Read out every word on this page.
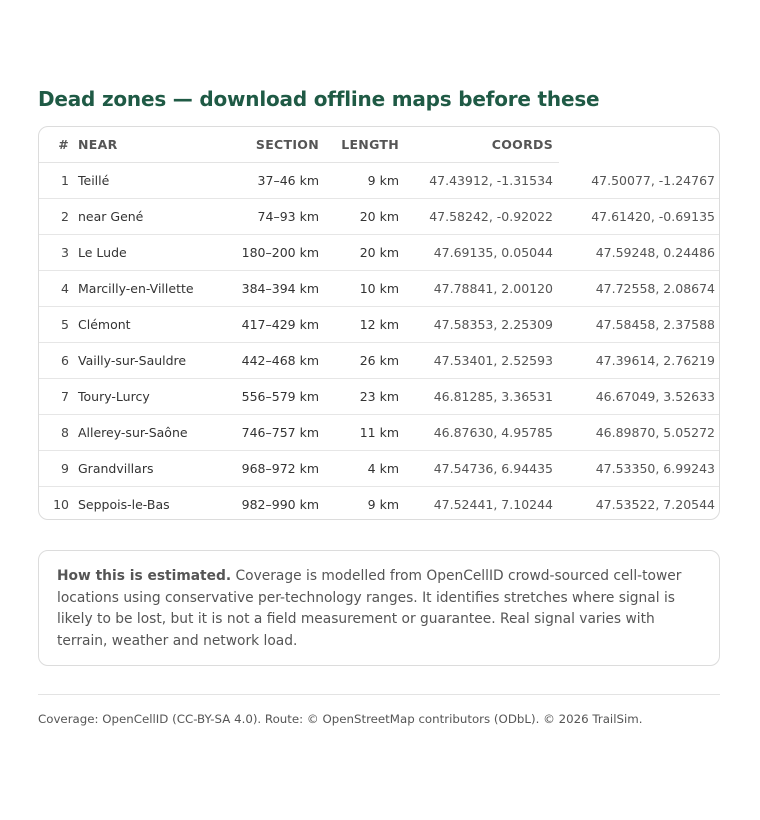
Dead zones — download offline maps before these
#	NEAR	SECTION	LENGTH	COORDS	
1	Teillé	37–46 km	9 km	47.43912, -1.31534	47.50077, -1.24767
2	near Gené	74–93 km	20 km	47.58242, -0.92022	47.61420, -0.69135
3	Le Lude	180–200 km	20 km	47.69135, 0.05044	47.59248, 0.24486
4	Marcilly-en-Villette	384–394 km	10 km	47.78841, 2.00120	47.72558, 2.08674
5	Clémont	417–429 km	12 km	47.58353, 2.25309	47.58458, 2.37588
6	Vailly-sur-Sauldre	442–468 km	26 km	47.53401, 2.52593	47.39614, 2.76219
7	Toury-Lurcy	556–579 km	23 km	46.81285, 3.36531	46.67049, 3.52633
8	Allerey-sur-Saône	746–757 km	11 km	46.87630, 4.95785	46.89870, 5.05272
9	Grandvillars	968–972 km	4 km	47.54736, 6.94435	47.53350, 6.99243
10	Seppois-le-Bas	982–990 km	9 km	47.52441, 7.10244	47.53522, 7.20544

How this is estimated. Coverage is modelled from OpenCellID crowd-sourced cell-tower locations using conservative per-technology ranges. It identifies stretches where signal is likely to be lost, but it is not a field measurement or guarantee. Real signal varies with terrain, weather and network load.

Coverage: OpenCellID (CC-BY-SA 4.0). Route: © OpenStreetMap contributors (ODbL). © 2026 TrailSim.
